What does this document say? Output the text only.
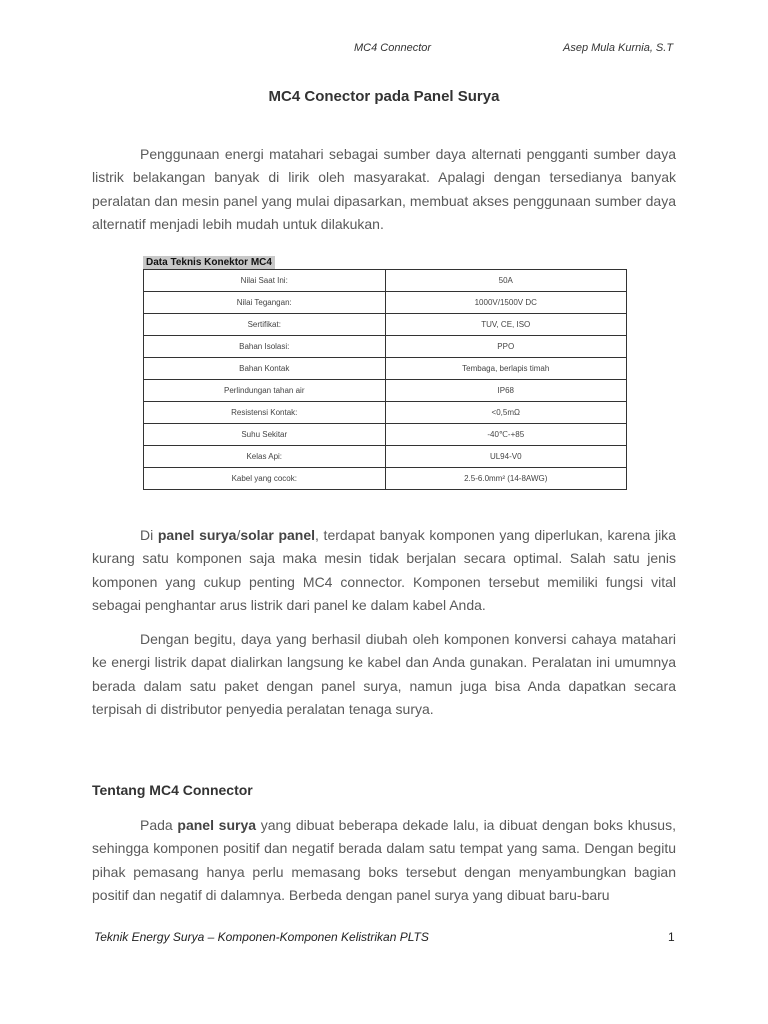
MC4 Connector	Asep Mula Kurnia, S.T
MC4 Conector pada Panel Surya

Penggunaan energi matahari sebagai sumber daya alternati pengganti sumber daya listrik belakangan banyak di lirik oleh masyarakat. Apalagi dengan tersedianya banyak peralatan dan mesin panel yang mulai dipasarkan, membuat akses penggunaan sumber daya alternatif menjadi lebih mudah untuk dilakukan.

Data Teknis Konektor MC4
Nilai Saat Ini:	50A
Nilai Tegangan:	1000V/1500V DC
Sertifikat:	TUV, CE, ISO
Bahan Isolasi:	PPO
Bahan Kontak	Tembaga, berlapis timah
Perlindungan tahan air	IP68
Resistensi Kontak:	<0,5mΩ
Suhu Sekitar	-40℃-+85
Kelas Api:	UL94-V0
Kabel yang cocok:	2.5-6.0mm² (14-8AWG)

Di panel surya/solar panel, terdapat banyak komponen yang diperlukan, karena jika kurang satu komponen saja maka mesin tidak berjalan secara optimal. Salah satu jenis komponen yang cukup penting MC4 connector. Komponen tersebut memiliki fungsi vital sebagai penghantar arus listrik dari panel ke dalam kabel Anda.

Dengan begitu, daya yang berhasil diubah oleh komponen konversi cahaya matahari ke energi listrik dapat dialirkan langsung ke kabel dan Anda gunakan. Peralatan ini umumnya berada dalam satu paket dengan panel surya, namun juga bisa Anda dapatkan secara terpisah di distributor penyedia peralatan tenaga surya.

Tentang MC4 Connector

Pada panel surya yang dibuat beberapa dekade lalu, ia dibuat dengan boks khusus, sehingga komponen positif dan negatif berada dalam satu tempat yang sama. Dengan begitu pihak pemasang hanya perlu memasang boks tersebut dengan menyambungkan bagian positif dan negatif di dalamnya. Berbeda dengan panel surya yang dibuat baru-baru

Teknik Energy Surya – Komponen-Komponen Kelistrikan PLTS	1
